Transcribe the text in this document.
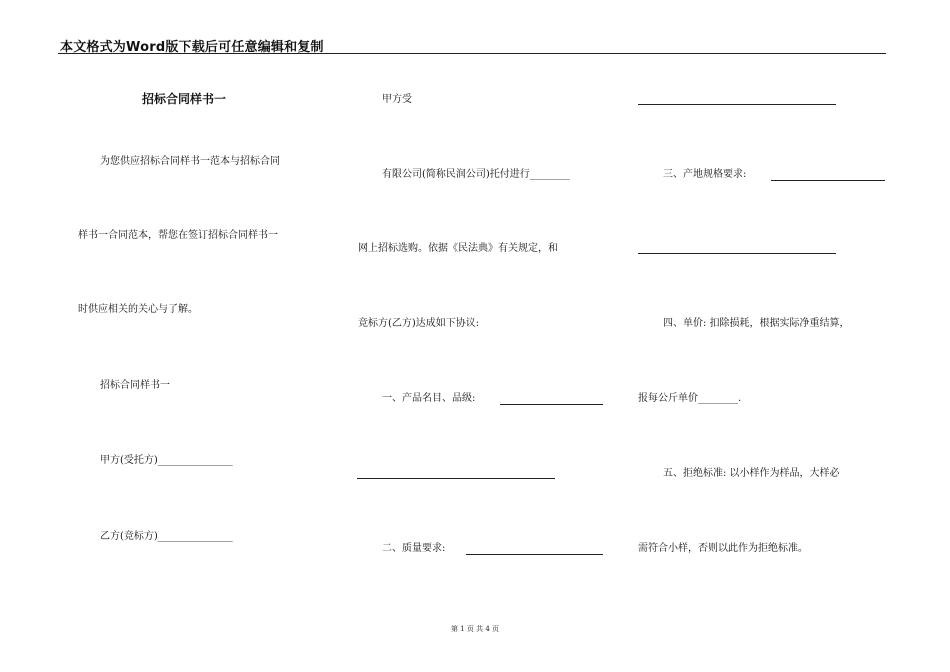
本文格式为Word版下载后可任意编辑和复制
招标合同样书一
为您供应招标合同样书一范本与招标合同
样书一合同范本，帮您在签订招标合同样书一
时供应相关的关心与了解。
招标合同样书一
甲方(受托方)_______________
乙方(竞标方)_______________
甲方受
有限公司(简称民润公司)托付进行________
网上招标选购。依据《民法典》有关规定，和
竞标方(乙方)达成如下协议:
一、产品名目、品级:
二、质量要求:
三、产地规格要求:
四、单价: 扣除损耗，根据实际净重结算，
报每公斤单价________.
五、拒绝标准: 以小样作为样品，大样必
需符合小样，否则以此作为拒绝标准。
第 1 页 共 4 页
